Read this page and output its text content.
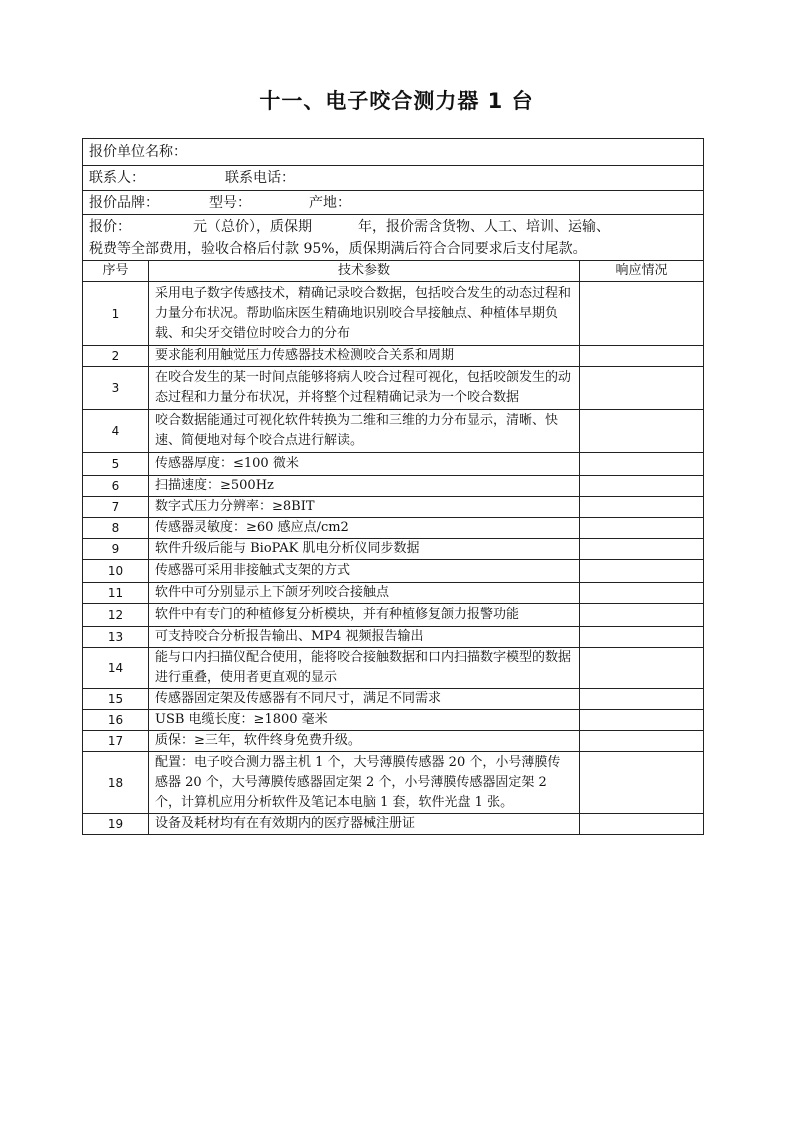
十一、电子咬合测力器 1 台
报价单位名称：		
联系人： 联系电话：		
报价品牌： 型号： 产地：		
报价： 元（总价），质保期 年，报价需含货物、人工、培训、运输、
税费等全部费用，验收合格后付款 95%，质保期满后符合合同要求后支付尾款。		
序号	技术参数	响应情况
1	采用电子数字传感技术，精确记录咬合数据，包括咬合发生的动态过程和力量分布状况。帮助临床医生精确地识别咬合早接触点、种植体早期负载、和尖牙交错位时咬合力的分布	
2	要求能利用触觉压力传感器技术检测咬合关系和周期	
3	在咬合发生的某一时间点能够将病人咬合过程可视化，包括咬颌发生的动态过程和力量分布状况，并将整个过程精确记录为一个咬合数据	
4	咬合数据能通过可视化软件转换为二维和三维的力分布显示，清晰、快速、简便地对每个咬合点进行解读。	
5	传感器厚度：≤100 微米	
6	扫描速度：≥500Hz	
7	数字式压力分辨率：≥8BIT	
8	传感器灵敏度：≥60 感应点/cm2	
9	软件升级后能与 BioPAK 肌电分析仪同步数据	
10	传感器可采用非接触式支架的方式	
11	软件中可分别显示上下颌牙列咬合接触点	
12	软件中有专门的种植修复分析模块，并有种植修复颌力报警功能	
13	可支持咬合分析报告输出、MP4 视频报告输出	
14	能与口内扫描仪配合使用，能将咬合接触数据和口内扫描数字模型的数据进行重叠，使用者更直观的显示	
15	传感器固定架及传感器有不同尺寸，满足不同需求	
16	USB 电缆长度：≥1800 毫米	
17	质保：≥三年，软件终身免费升级。	
18	配置：电子咬合测力器主机 1 个，大号薄膜传感器 20 个，小号薄膜传感器 20 个，大号薄膜传感器固定架 2 个，小号薄膜传感器固定架 2 个，计算机应用分析软件及笔记本电脑 1 套，软件光盘 1 张。	
19	设备及耗材均有在有效期内的医疗器械注册证	
